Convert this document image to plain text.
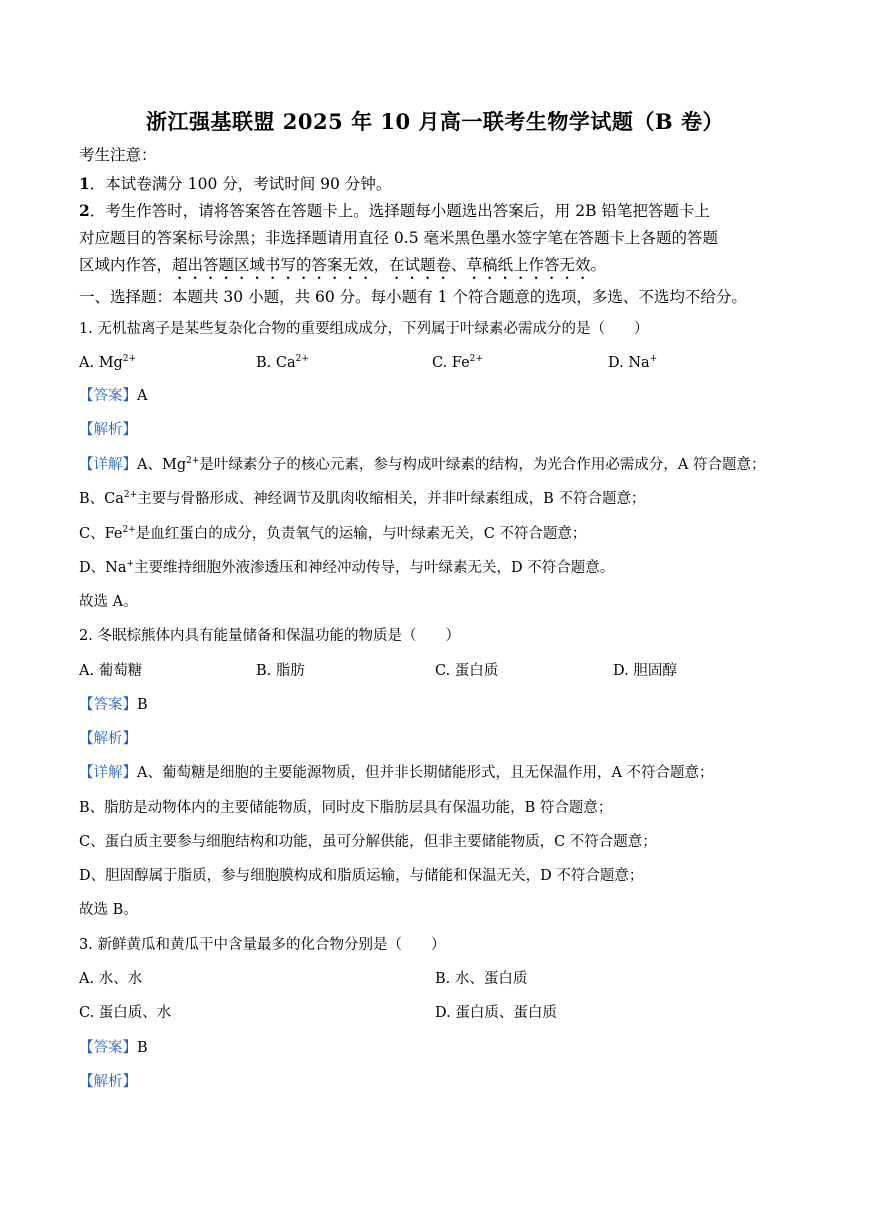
浙江强基联盟 2025 年 10 月高一联考生物学试题（B 卷）
考生注意：
1．本试卷满分 100 分，考试时间 90 分钟。
2．考生作答时，请将答案答在答题卡上。选择题每小题选出答案后，用 2B 铅笔把答题卡上
对应题目的答案标号涂黑；非选择题请用直径 0.5 毫米黑色墨水签字笔在答题卡上各题的答题
区域内作答，超出答题区域书写的答案无效，在试题卷、草稿纸上作答无效。
一、选择题：本题共 30 小题，共 60 分。每小题有 1 个符合题意的选项，多选、不选均不给分。
1. 无机盐离子是某些复杂化合物的重要组成成分，下列属于叶绿素必需成分的是（　　）
A. $Mg^{2+}$	B. $Ca^{2+}$	C. $Fe^{2+}$	D. Na+
【答案】A
【解析】
【详解】A、$Mg^{2+}$是叶绿素分子的核心元素，参与构成叶绿素的结构，为光合作用必需成分，A 符合题意；
B、$Ca^{2+}$主要与骨骼形成、神经调节及肌肉收缩相关，并非叶绿素组成，B 不符合题意；
C、$Fe^{2+}$是血红蛋白的成分，负责氧气的运输，与叶绿素无关，C 不符合题意；
D、Na+主要维持细胞外液渗透压和神经冲动传导，与叶绿素无关，D 不符合题意。
故选 A。
2. 冬眠棕熊体内具有能量储备和保温功能的物质是（　　）
A. 葡萄糖	B. 脂肪	C. 蛋白质	D. 胆固醇
【答案】B
【解析】
【详解】A、葡萄糖是细胞的主要能源物质，但并非长期储能形式，且无保温作用，A 不符合题意；
B、脂肪是动物体内的主要储能物质，同时皮下脂肪层具有保温功能，B 符合题意；
C、蛋白质主要参与细胞结构和功能，虽可分解供能，但非主要储能物质，C 不符合题意；
D、胆固醇属于脂质，参与细胞膜构成和脂质运输，与储能和保温无关，D 不符合题意；
故选 B。
3. 新鲜黄瓜和黄瓜干中含量最多的化合物分别是（　　）
A. 水、水	B. 水、蛋白质
C. 蛋白质、水	D. 蛋白质、蛋白质
【答案】B
【解析】
